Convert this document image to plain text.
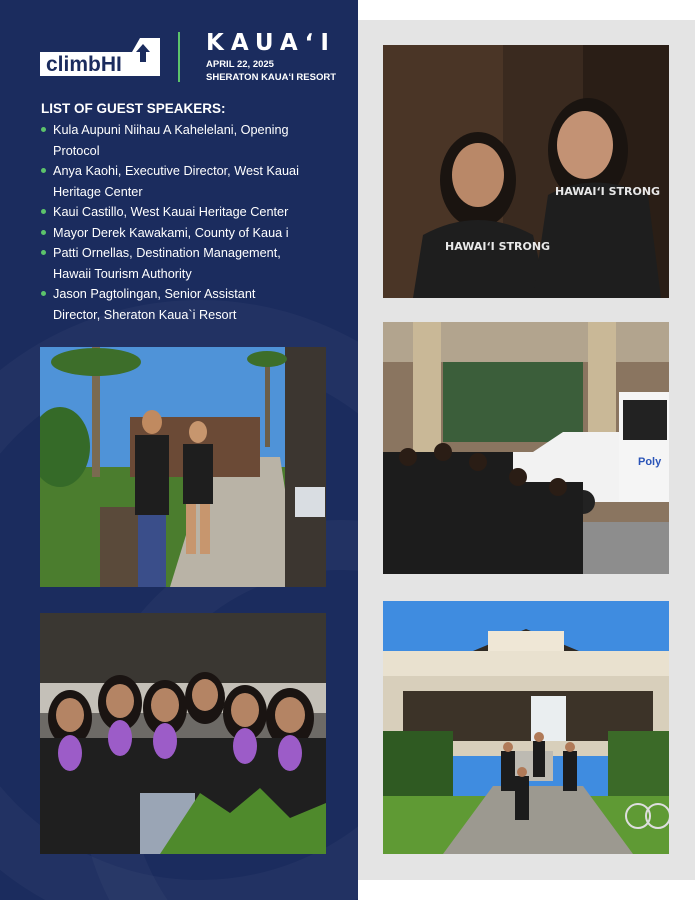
climbHI
KAUAʻI
APRIL 22, 2025
SHERATON KAUAʻI RESORT
LIST OF GUEST SPEAKERS:
Kula Aupuni Niihau A Kahelelani, Opening
Protocol
Anya Kaohi, Executive Director, West Kauai
Heritage Center
Kaui Castillo, West Kauai Heritage Center
Mayor Derek Kawakami, County of Kaua i
Patti Ornellas, Destination Management,
Hawaii Tourism Authority
Jason Pagtolingan, Senior Assistant
Director, Sheraton Kaua`i Resort
HAWAIʻI STRONG
HAWAIʻI STRONG
Poly
